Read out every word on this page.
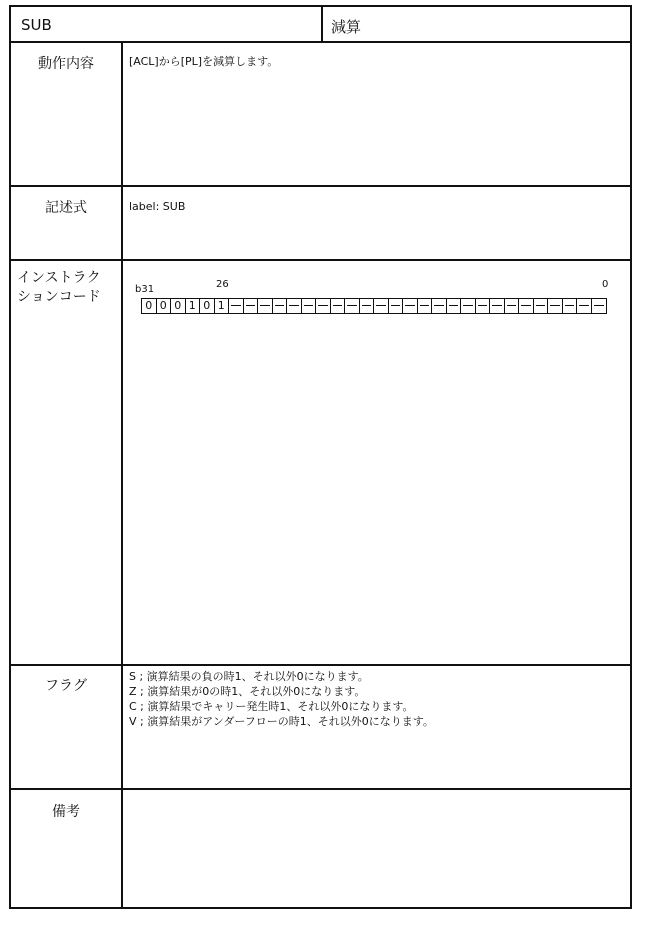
SUB	減算
動作内容	[ACL]から[PL]を減算します。
記述式	label: SUB
インストラク
ションコード	b31	26	0
0 0 0 1 0 1
フラグ
S ; 演算結果の負の時1、それ以外0になります。
Z ; 演算結果が0の時1、それ以外0になります。
C ; 演算結果でキャリー発生時1、それ以外0になります。
V ; 演算結果がアンダーフローの時1、それ以外0になります。
備考
